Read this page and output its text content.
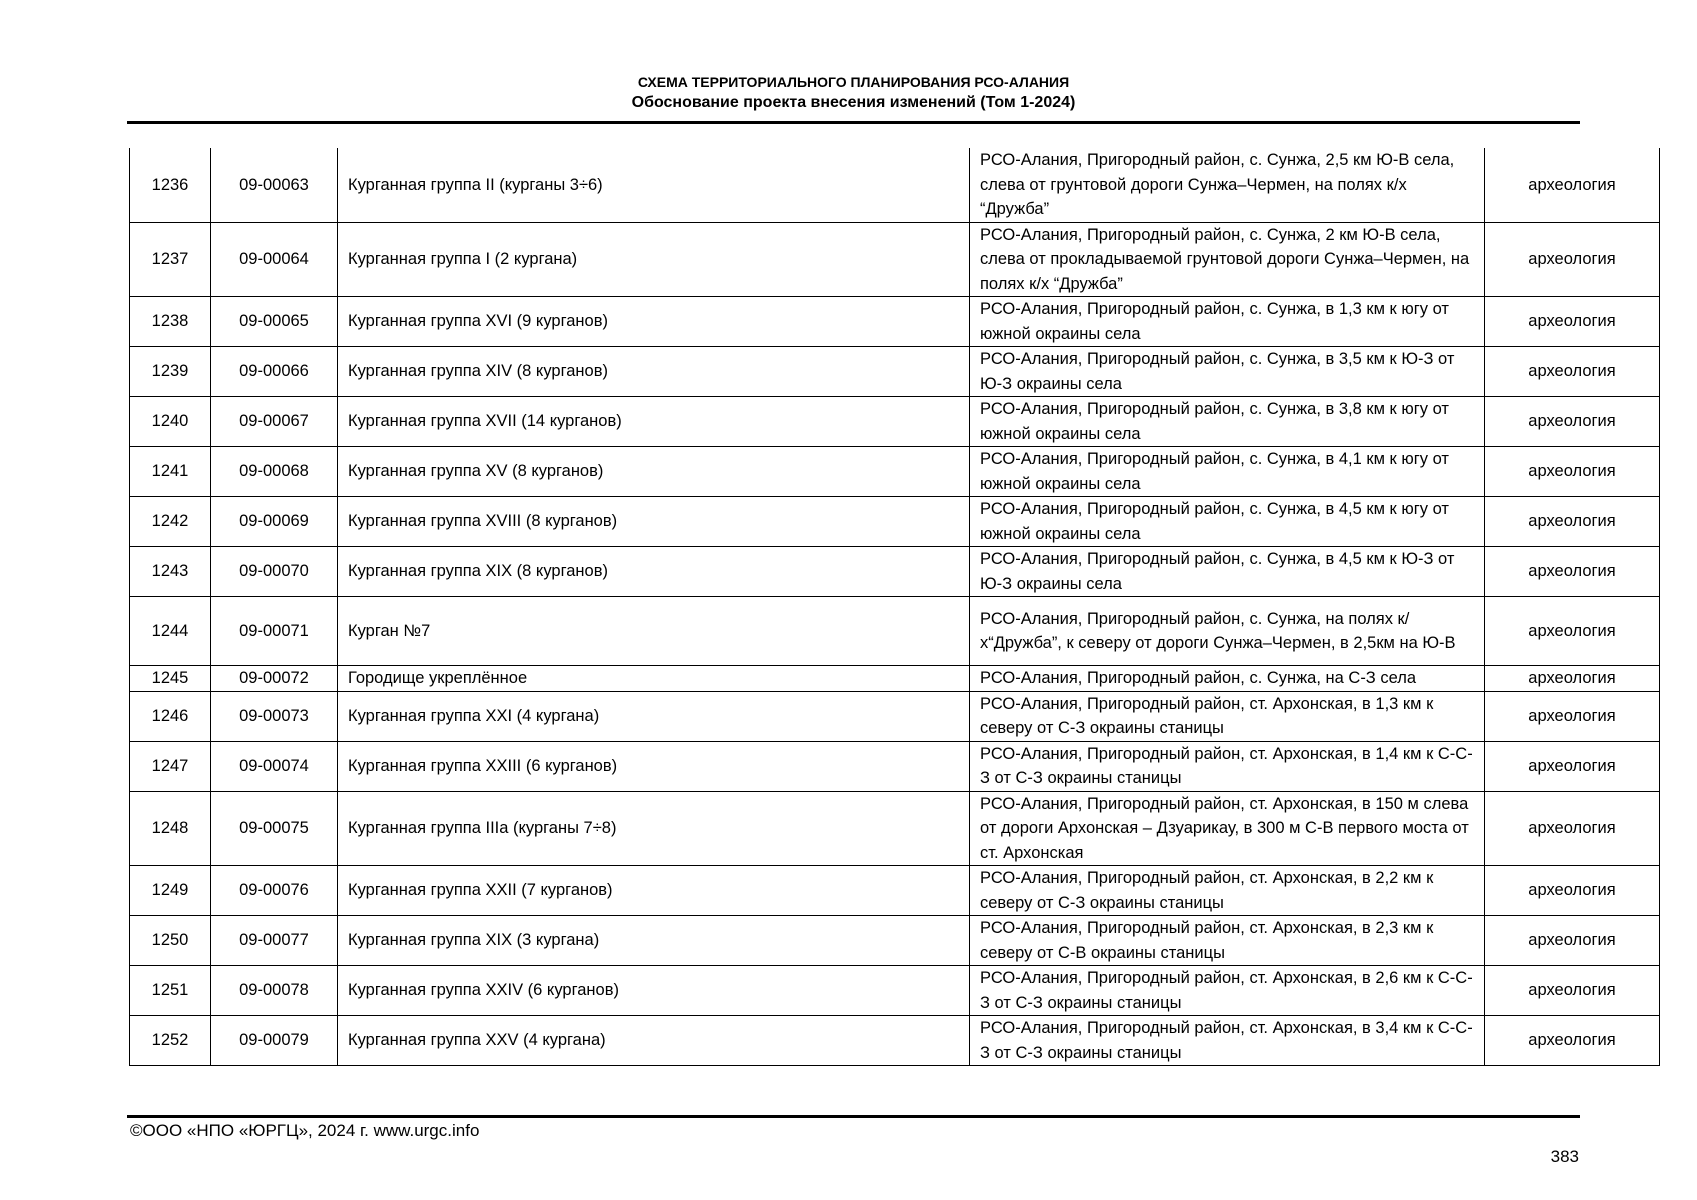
СХЕМА ТЕРРИТОРИАЛЬНОГО ПЛАНИРОВАНИЯ РСО-АЛАНИЯ
Обоснование проекта внесения изменений (Том 1-2024)
1236	09-00063	Курганная группа II (курганы 3÷6)	РСО-Алания, Пригородный район, с. Сунжа, 2,5 км Ю-В села, слева от грунтовой дороги Сунжа–Чермен, на полях к/х “Дружба”	археология
1237	09-00064	Курганная группа I (2 кургана)	РСО-Алания, Пригородный район, с. Сунжа, 2 км Ю-В села, слева от прокладываемой грунтовой дороги Сунжа–Чермен, на полях к/х “Дружба”	археология
1238	09-00065	Курганная группа XVI (9 курганов)	РСО-Алания, Пригородный район, с. Сунжа, в 1,3 км к югу от южной окраины села	археология
1239	09-00066	Курганная группа XIV (8 курганов)	РСО-Алания, Пригородный район, с. Сунжа, в 3,5 км к Ю-З от Ю-З окраины села	археология
1240	09-00067	Курганная группа XVII (14 курганов)	РСО-Алания, Пригородный район, с. Сунжа, в 3,8 км к югу от южной окраины села	археология
1241	09-00068	Курганная группа XV (8 курганов)	РСО-Алания, Пригородный район, с. Сунжа, в 4,1 км к югу от южной окраины села	археология
1242	09-00069	Курганная группа XVIII (8 курганов)	РСО-Алания, Пригородный район, с. Сунжа, в 4,5 км к югу от южной окраины села	археология
1243	09-00070	Курганная группа XIX (8 курганов)	РСО-Алания, Пригородный район, с. Сунжа, в 4,5 км к Ю-З от Ю-З окраины села	археология
1244	09-00071	Курган №7	РСО-Алания, Пригородный район, с. Сунжа, на полях к/х“Дружба”, к северу от дороги Сунжа–Чермен, в 2,5км на Ю-В	археология
1245	09-00072	Городище укреплённое	РСО-Алания, Пригородный район, с. Сунжа, на С-З села	археология
1246	09-00073	Курганная группа XXI (4 кургана)	РСО-Алания, Пригородный район, ст. Архонская, в 1,3 км к северу от С-З окраины станицы	археология
1247	09-00074	Курганная группа XXIII (6 курганов)	РСО-Алания, Пригородный район, ст. Архонская, в 1,4 км к С-С-З от С-З окраины станицы	археология
1248	09-00075	Курганная группа IIIа (курганы 7÷8)	РСО-Алания, Пригородный район, ст. Архонская, в 150 м слева от дороги Архонская – Дзуарикау, в 300 м С-В первого моста от ст. Архонская	археология
1249	09-00076	Курганная группа XXII (7 курганов)	РСО-Алания, Пригородный район, ст. Архонская, в 2,2 км к северу от С-З окраины станицы	археология
1250	09-00077	Курганная группа XIX (3 кургана)	РСО-Алания, Пригородный район, ст. Архонская, в 2,3 км к северу от С-В окраины станицы	археология
1251	09-00078	Курганная группа XXIV (6 курганов)	РСО-Алания, Пригородный район, ст. Архонская, в 2,6 км к С-С-З от С-З окраины станицы	археология
1252	09-00079	Курганная группа XXV (4 кургана)	РСО-Алания, Пригородный район, ст. Архонская, в 3,4 км к С-С-З от С-З окраины станицы	археология
©ООО «НПО «ЮРГЦ», 2024 г. www.urgc.info
383
